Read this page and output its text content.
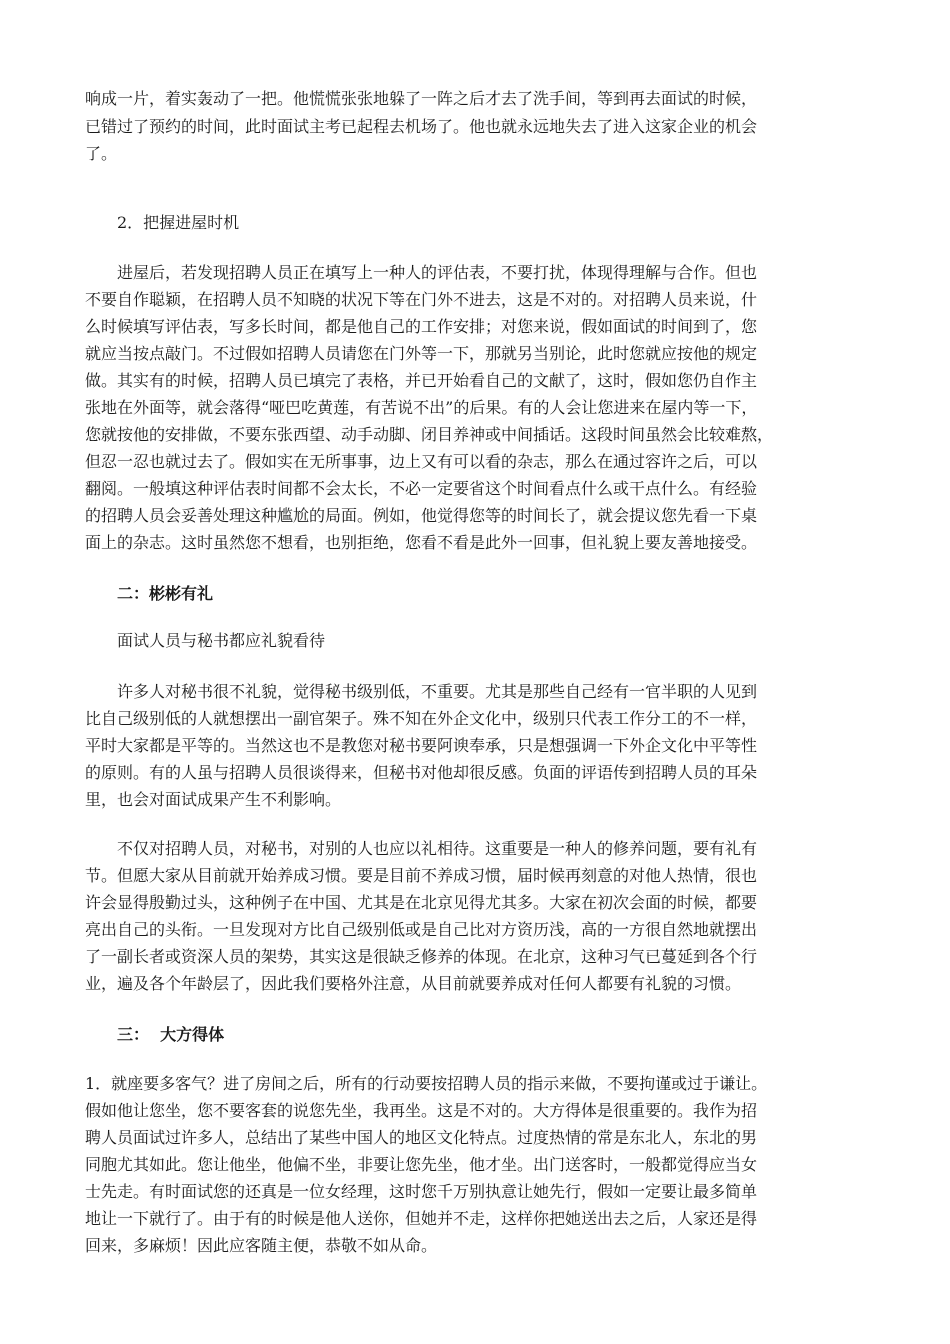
响成一片，着实轰动了一把。他慌慌张张地躲了一阵之后才去了洗手间，等到再去面试的时候，
已错过了预约的时间，此时面试主考已起程去机场了。他也就永远地失去了进入这家企业的机会
了。
2．把握进屋时机
进屋后，若发现招聘人员正在填写上一种人的评估表，不要打扰，体现得理解与合作。但也
不要自作聪颖，在招聘人员不知晓的状况下等在门外不进去，这是不对的。对招聘人员来说，什
么时候填写评估表，写多长时间，都是他自己的工作安排；对您来说，假如面试的时间到了，您
就应当按点敲门。不过假如招聘人员请您在门外等一下，那就另当别论，此时您就应按他的规定
做。其实有的时候，招聘人员已填完了表格，并已开始看自己的文献了，这时，假如您仍自作主
张地在外面等，就会落得“哑巴吃黄莲，有苦说不出”的后果。有的人会让您进来在屋内等一下，
您就按他的安排做，不要东张西望、动手动脚、闭目养神或中间插话。这段时间虽然会比较难熬，
但忍一忍也就过去了。假如实在无所事事，边上又有可以看的杂志，那么在通过容许之后，可以
翻阅。一般填这种评估表时间都不会太长，不必一定要省这个时间看点什么或干点什么。有经验
的招聘人员会妥善处理这种尴尬的局面。例如，他觉得您等的时间长了，就会提议您先看一下桌
面上的杂志。这时虽然您不想看，也别拒绝，您看不看是此外一回事，但礼貌上要友善地接受。
二：彬彬有礼
面试人员与秘书都应礼貌看待
许多人对秘书很不礼貌，觉得秘书级别低，不重要。尤其是那些自己经有一官半职的人见到
比自己级别低的人就想摆出一副官架子。殊不知在外企文化中，级别只代表工作分工的不一样，
平时大家都是平等的。当然这也不是教您对秘书要阿谀奉承，只是想强调一下外企文化中平等性
的原则。有的人虽与招聘人员很谈得来，但秘书对他却很反感。负面的评语传到招聘人员的耳朵
里，也会对面试成果产生不利影响。
不仅对招聘人员，对秘书，对别的人也应以礼相待。这重要是一种人的修养问题，要有礼有
节。但愿大家从目前就开始养成习惯。要是目前不养成习惯，届时候再刻意的对他人热情，很也
许会显得殷勤过头，这种例子在中国、尤其是在北京见得尤其多。大家在初次会面的时候，都要
亮出自己的头衔。一旦发现对方比自己级别低或是自己比对方资历浅，高的一方很自然地就摆出
了一副长者或资深人员的架势，其实这是很缺乏修养的体现。在北京，这种习气已蔓延到各个行
业，遍及各个年龄层了，因此我们要格外注意，从目前就要养成对任何人都要有礼貌的习惯。
三：  大方得体
1．就座要多客气？进了房间之后，所有的行动要按招聘人员的指示来做，不要拘谨或过于谦让。
假如他让您坐，您不要客套的说您先坐，我再坐。这是不对的。大方得体是很重要的。我作为招
聘人员面试过许多人，总结出了某些中国人的地区文化特点。过度热情的常是东北人，东北的男
同胞尤其如此。您让他坐，他偏不坐，非要让您先坐，他才坐。出门送客时，一般都觉得应当女
士先走。有时面试您的还真是一位女经理，这时您千万别执意让她先行，假如一定要让最多简单
地让一下就行了。由于有的时候是他人送你，但她并不走，这样你把她送出去之后，人家还是得
回来，多麻烦！因此应客随主便，恭敬不如从命。
